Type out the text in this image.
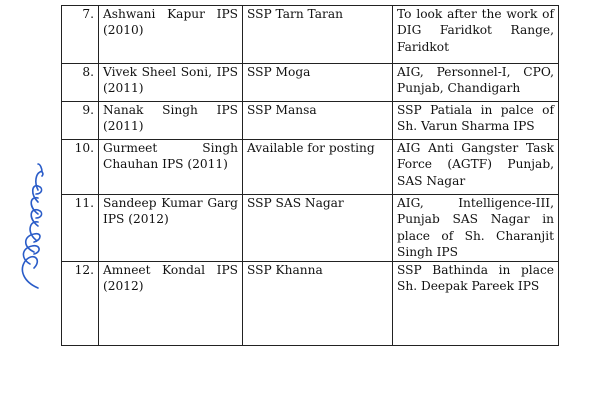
7.	Ashwani Kapur IPS (2010)	SSP Tarn Taran	To look after the work of DIG Faridkot Range, Faridkot
8.	Vivek Sheel Soni, IPS (2011)	SSP Moga	AIG, Personnel-I, CPO, Punjab, Chandigarh
9.	Nanak Singh IPS (2011)	SSP Mansa	SSP Patiala in palce of Sh. Varun Sharma IPS
10.	Gurmeet Singh Chauhan IPS (2011)	Available for posting	AIG Anti Gangster Task Force (AGTF) Punjab, SAS Nagar
11.	Sandeep Kumar Garg IPS (2012)	SSP SAS Nagar	AIG, Intelligence-III, Punjab SAS Nagar in place of Sh. Charanjit Singh IPS
12.	Amneet Kondal IPS (2012)	SSP Khanna	SSP Bathinda in place Sh. Deepak Pareek IPS
